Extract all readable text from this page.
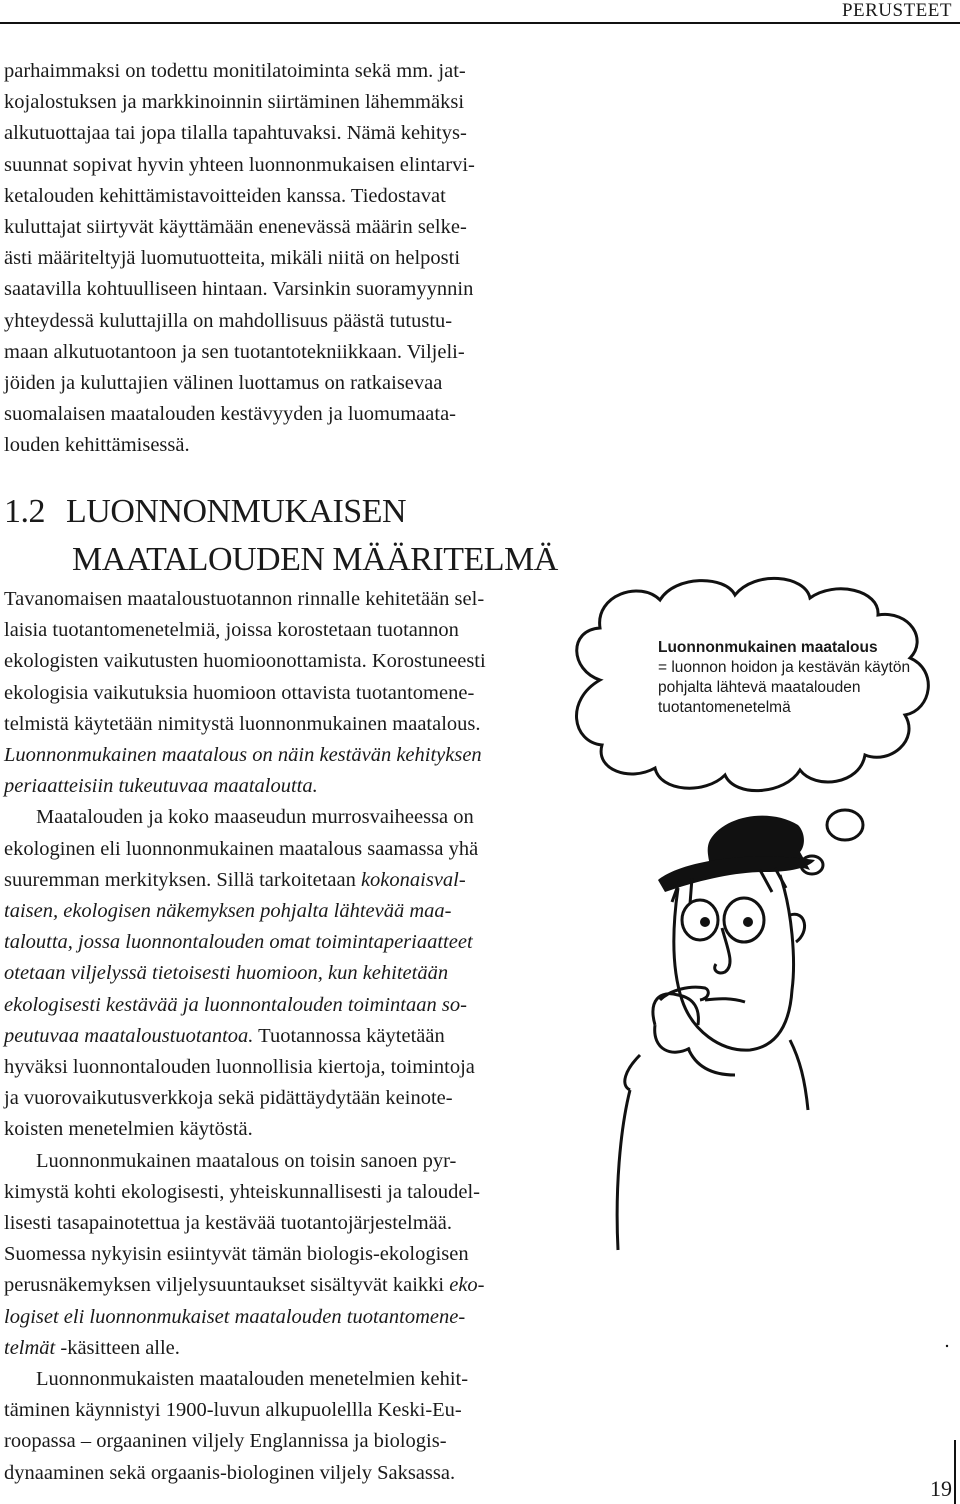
PERUSTEET
parhaimmaksi on todettu monitilatoiminta sekä mm. jat-
kojalostuksen ja markkinoinnin siirtäminen lähemmäksi
alkutuottajaa tai jopa tilalla tapahtuvaksi. Nämä kehitys-
suunnat sopivat hyvin yhteen luonnonmukaisen elintarvi-
ketalouden kehittämistavoitteiden kanssa. Tiedostavat
kuluttajat siirtyvät käyttämään enenevässä määrin selke-
ästi määriteltyjä luomutuotteita, mikäli niitä on helposti
saatavilla kohtuulliseen hintaan. Varsinkin suoramyynnin
yhteydessä kuluttajilla on mahdollisuus päästä tutustu-
maan alkutuotantoon ja sen tuotantotekniikkaan. Viljeli-
jöiden ja kuluttajien välinen luottamus on ratkaisevaa
suomalaisen maatalouden kestävyyden ja luomumaata-
louden kehittämisessä.
1.2 LUONNONMUKAISEN
MAATALOUDEN MÄÄRITELMÄ

Tavanomaisen maataloustuotannon rinnalle kehitetään sel-
laisia tuotantomenetelmiä, joissa korostetaan tuotannon
ekologisten vaikutusten huomioonottamista. Korostuneesti
ekologisia vaikutuksia huomioon ottavista tuotantomene-
telmistä käytetään nimitystä luonnonmukainen maatalous.
Luonnonmukainen maatalous on näin kestävän kehityksen
periaatteisiin tukeutuvaa maataloutta.

Maatalouden ja koko maaseudun murrosvaiheessa on
ekologinen eli luonnonmukainen maatalous saamassa yhä
suuremman merkityksen. Sillä tarkoitetaan kokonaisval-
taisen, ekologisen näkemyksen pohjalta lähtevää maa-
taloutta, jossa luonnontalouden omat toimintaperiaatteet
otetaan viljelyssä tietoisesti huomioon, kun kehitetään
ekologisesti kestävää ja luonnontalouden toimintaan so-
peutuvaa maataloustuotantoa. Tuotannossa käytetään
hyväksi luonnontalouden luonnollisia kiertoja, toimintoja
ja vuorovaikutusverkkoja sekä pidättäydytään keinote-
koisten menetelmien käytöstä.

Luonnonmukainen maatalous on toisin sanoen pyr-
kimystä kohti ekologisesti, yhteiskunnallisesti ja taloudel-
lisesti tasapainotettua ja kestävää tuotantojärjestelmää.
Suomessa nykyisin esiintyvät tämän biologis-ekologisen
perusnäkemyksen viljelysuuntaukset sisältyvät kaikki eko-
logiset eli luonnonmukaiset maatalouden tuotantomene-
telmät -käsitteen alle.

Luonnonmukaisten maatalouden menetelmien kehit-
täminen käynnistyi 1900-luvun alkupuolellla Keski-Eu-
roopassa – orgaaninen viljely Englannissa ja biologis-
dynaaminen sekä orgaanis-biologinen viljely Saksassa.

Luonnonmukainen maatalous
= luonnon hoidon ja kestävän käytön
pohjalta lähtevä maatalouden
tuotantomenetelmä
19
